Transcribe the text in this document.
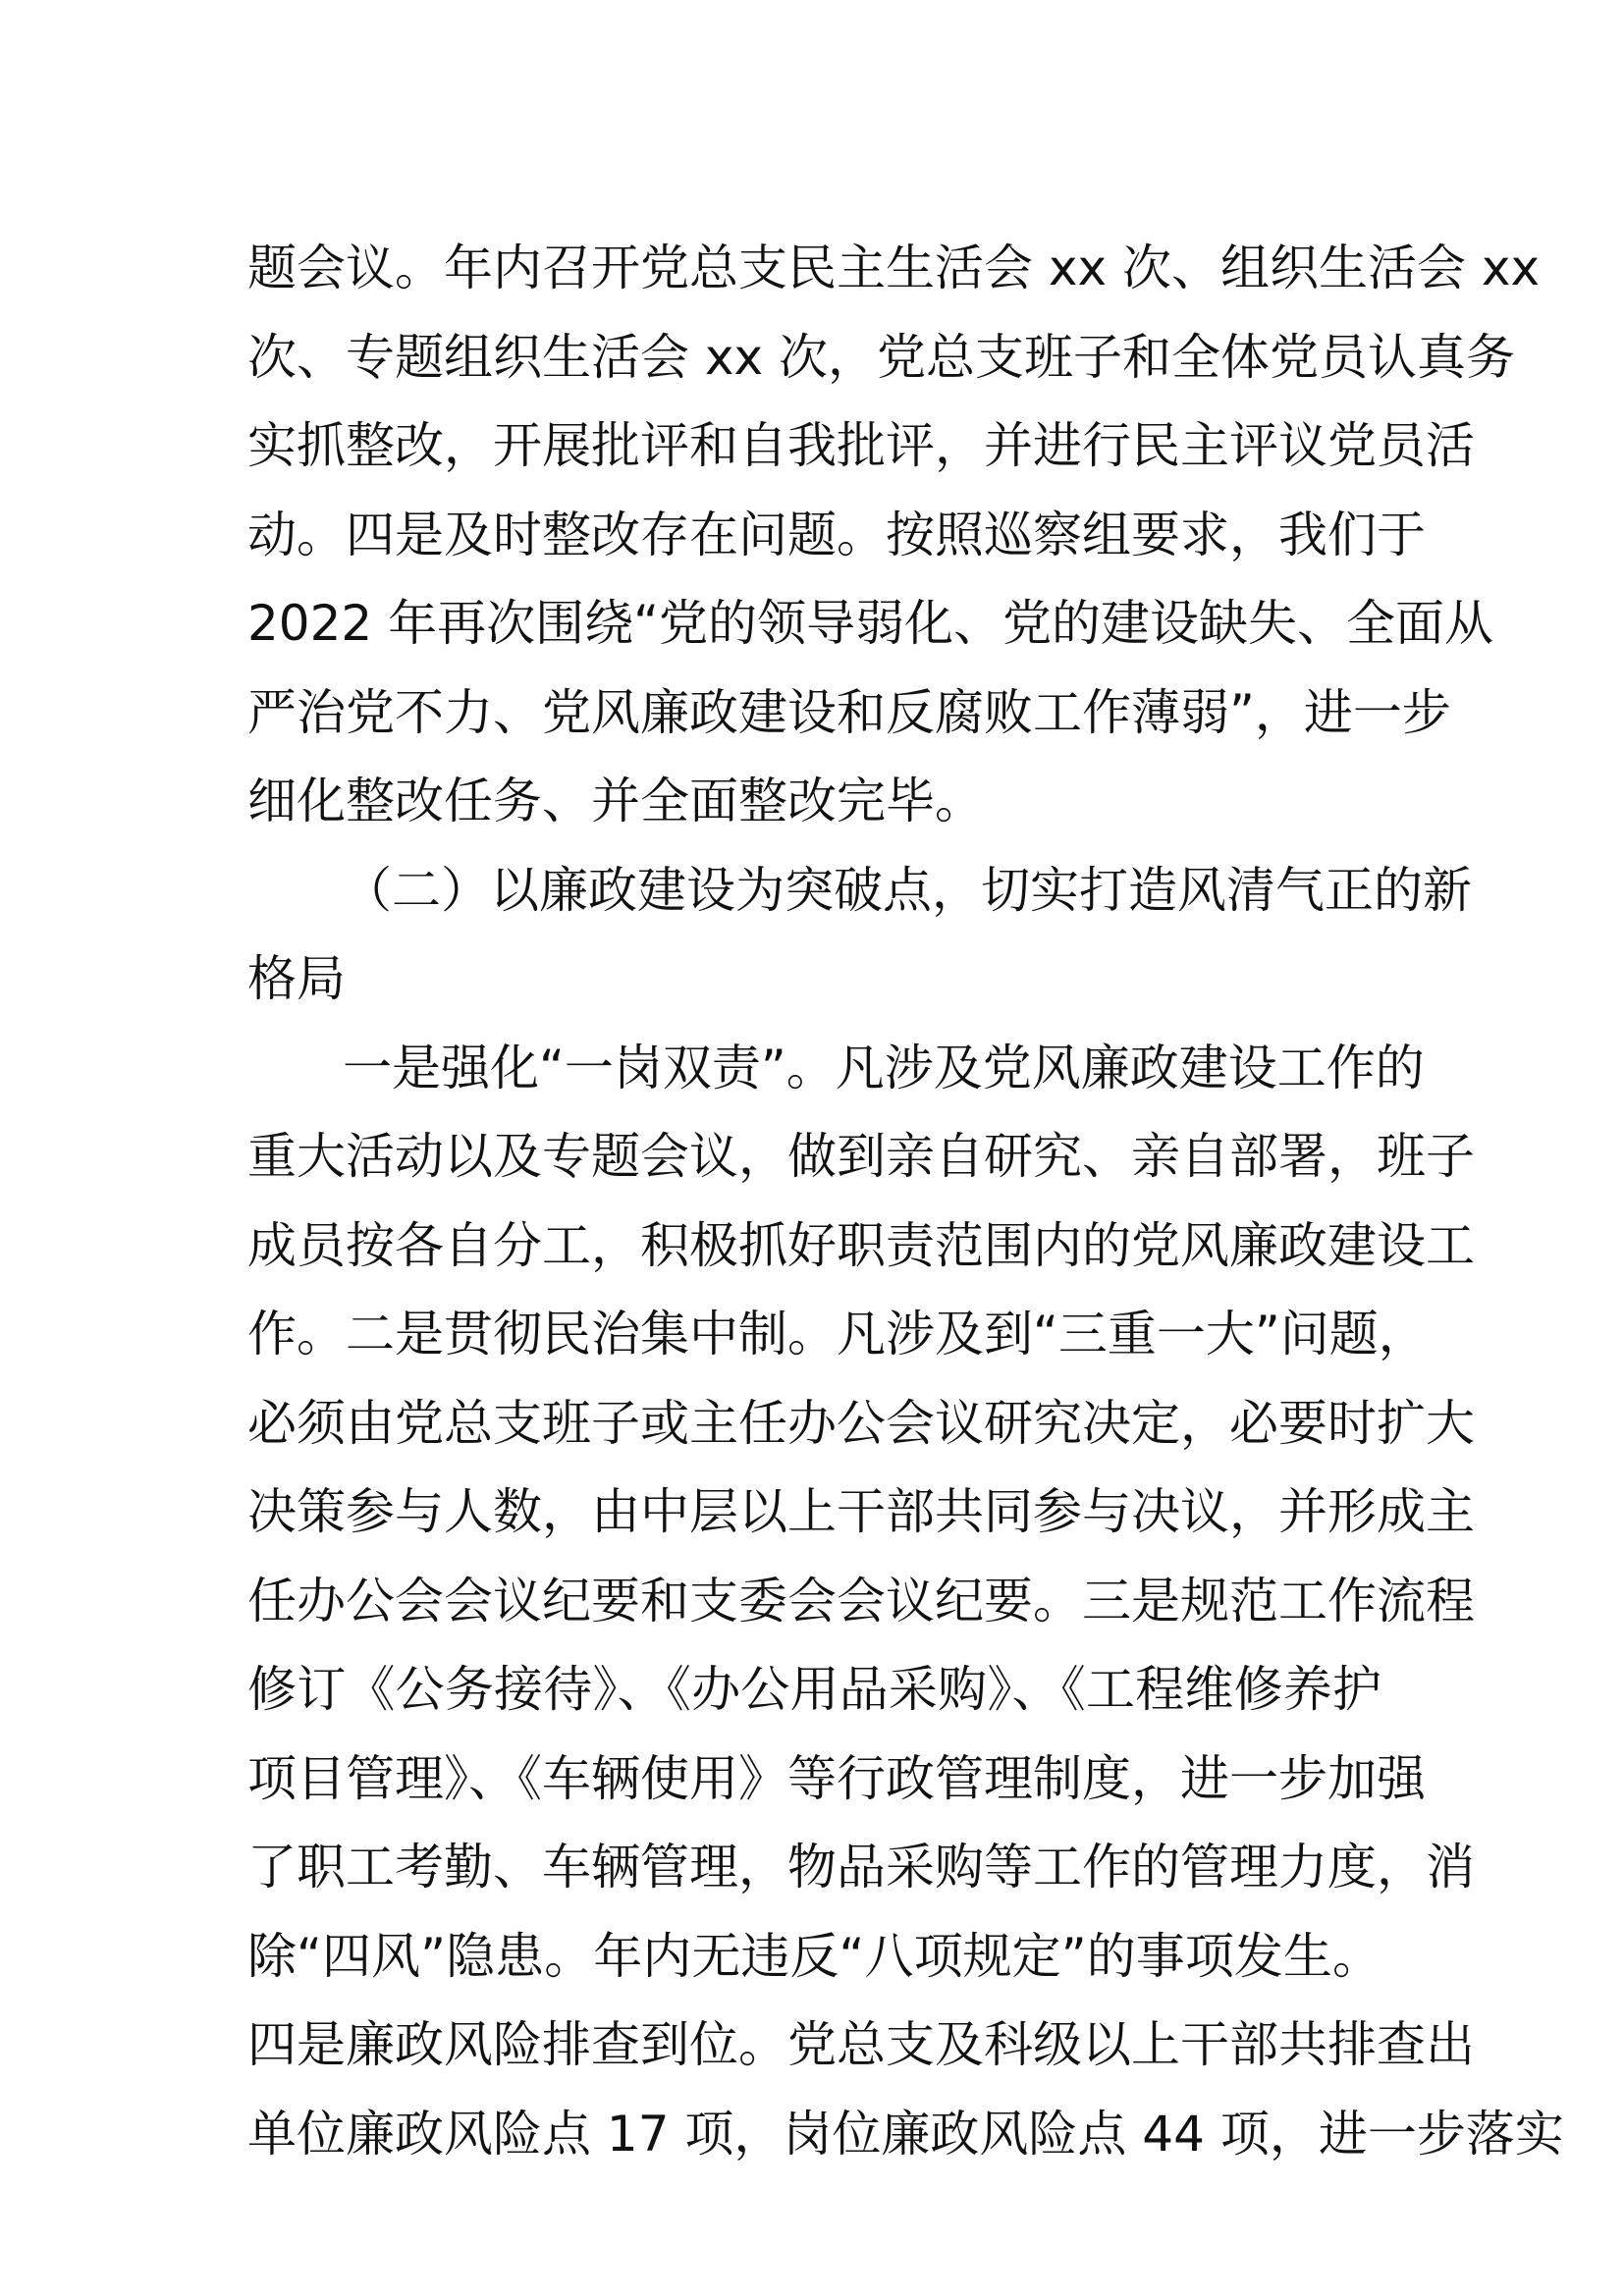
题会议。年内召开党总支民主生活会 xx 次、组织生活会 xx
次、专题组织生活会 xx 次，党总支班子和全体党员认真务
实抓整改，开展批评和自我批评，并进行民主评议党员活
动。四是及时整改存在问题。按照巡察组要求，我们于
2022 年再次围绕“党的领导弱化、党的建设缺失、全面从
严治党不力、党风廉政建设和反腐败工作薄弱”，进一步
细化整改任务、并全面整改完毕。
（二）以廉政建设为突破点，切实打造风清气正的新
格局
一是强化“一岗双责”。凡涉及党风廉政建设工作的
重大活动以及专题会议，做到亲自研究、亲自部署，班子
成员按各自分工，积极抓好职责范围内的党风廉政建设工
作。二是贯彻民治集中制。凡涉及到“三重一大”问题，
必须由党总支班子或主任办公会议研究决定，必要时扩大
决策参与人数，由中层以上干部共同参与决议，并形成主
任办公会会议纪要和支委会会议纪要。三是规范工作流程
修订《公务接待》、《办公用品采购》、《工程维修养护
项目管理》、《车辆使用》等行政管理制度，进一步加强
了职工考勤、车辆管理，物品采购等工作的管理力度，消
除“四风”隐患。年内无违反“八项规定”的事项发生。
四是廉政风险排查到位。党总支及科级以上干部共排查出
单位廉政风险点 17 项，岗位廉政风险点 44 项，进一步落实
